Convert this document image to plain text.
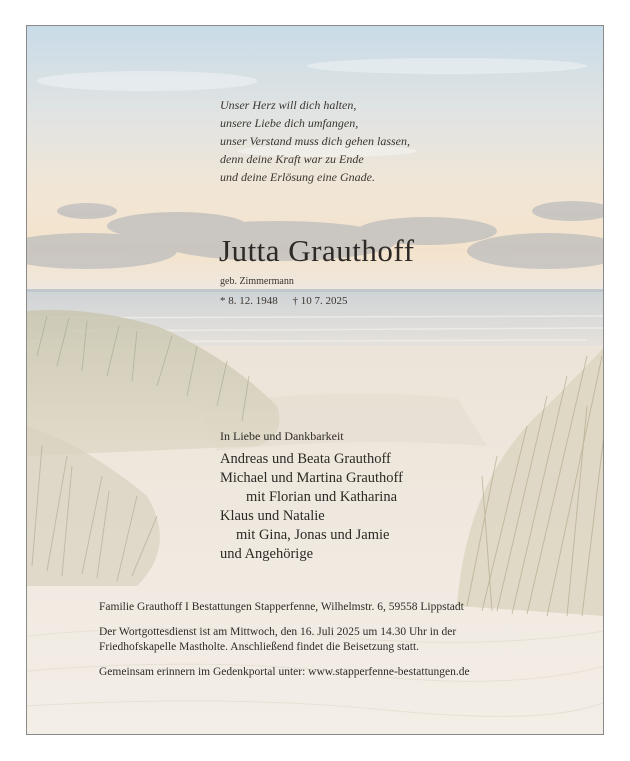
Unser Herz will dich halten,
unsere Liebe dich umfangen,
unser Verstand muss dich gehen lassen,
denn deine Kraft war zu Ende
und deine Erlösung eine Gnade.
Jutta Grauthoff
geb. Zimmermann
* 8. 12. 1948 † 10 7. 2025
In Liebe und Dankbarkeit
Andreas und Beata Grauthoff
Michael und Martina Grauthoff
mit Florian und Katharina
Klaus und Natalie
mit Gina, Jonas und Jamie
und Angehörige
Familie Grauthoff I Bestattungen Stapperfenne, Wilhelmstr. 6, 59558 Lippstadt
Der Wortgottesdienst ist am Mittwoch, den 16. Juli 2025 um 14.30 Uhr in der
Friedhofskapelle Mastholte. Anschließend findet die Beisetzung statt.
Gemeinsam erinnern im Gedenkportal unter: www.stapperfenne-bestattungen.de
